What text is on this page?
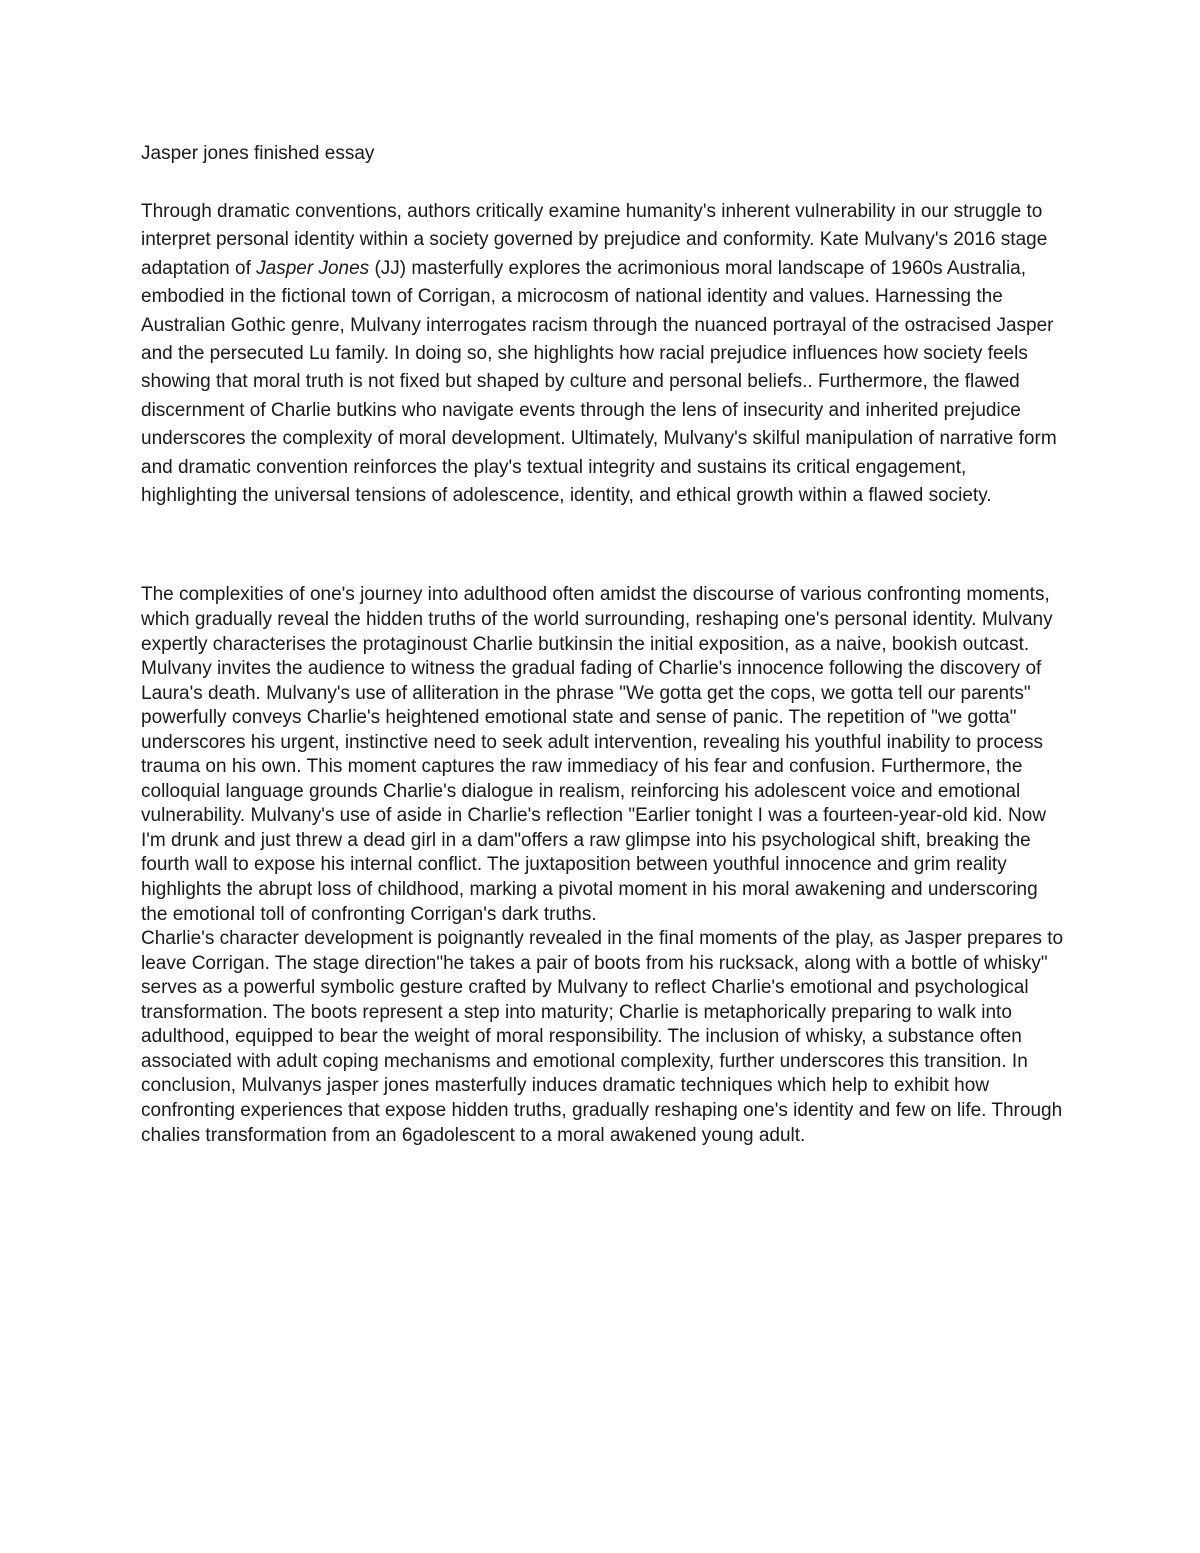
Jasper jones finished essay

Through dramatic conventions, authors critically examine humanity's inherent vulnerability in our struggle to interpret personal identity within a society governed by prejudice and conformity. Kate Mulvany's 2016 stage adaptation of Jasper Jones (JJ) masterfully explores the acrimonious moral landscape of 1960s Australia, embodied in the fictional town of Corrigan, a microcosm of national identity and values. Harnessing the Australian Gothic genre, Mulvany interrogates racism through the nuanced portrayal of the ostracised Jasper and the persecuted Lu family. In doing so, she highlights how racial prejudice influences how society feels showing that moral truth is not fixed but shaped by culture and personal beliefs.. Furthermore, the flawed discernment of Charlie butkins who navigate events through the lens of insecurity and inherited prejudice underscores the complexity of moral development. Ultimately, Mulvany's skilful manipulation of narrative form and dramatic convention reinforces the play's textual integrity and sustains its critical engagement, highlighting the universal tensions of adolescence, identity, and ethical growth within a flawed society.

The complexities of one's journey into adulthood often amidst the discourse of various confronting moments, which gradually reveal the hidden truths of the world surrounding, reshaping one's personal identity. Mulvany expertly characterises the protaginoust Charlie butkinsin the initial exposition, as a naive, bookish outcast. Mulvany invites the audience to witness the gradual fading of Charlie's innocence following the discovery of Laura's death. Mulvany's use of alliteration in the phrase "We gotta get the cops, we gotta tell our parents" powerfully conveys Charlie's heightened emotional state and sense of panic. The repetition of "we gotta" underscores his urgent, instinctive need to seek adult intervention, revealing his youthful inability to process trauma on his own. This moment captures the raw immediacy of his fear and confusion. Furthermore, the colloquial language grounds Charlie's dialogue in realism, reinforcing his adolescent voice and emotional vulnerability. Mulvany's use of aside in Charlie's reflection "Earlier tonight I was a fourteen-year-old kid. Now I'm drunk and just threw a dead girl in a dam"offers a raw glimpse into his psychological shift, breaking the fourth wall to expose his internal conflict. The juxtaposition between youthful innocence and grim reality highlights the abrupt loss of childhood, marking a pivotal moment in his moral awakening and underscoring the emotional toll of confronting Corrigan's dark truths.

Charlie's character development is poignantly revealed in the final moments of the play, as Jasper prepares to leave Corrigan. The stage direction"he takes a pair of boots from his rucksack, along with a bottle of whisky" serves as a powerful symbolic gesture crafted by Mulvany to reflect Charlie's emotional and psychological transformation. The boots represent a step into maturity; Charlie is metaphorically preparing to walk into adulthood, equipped to bear the weight of moral responsibility. The inclusion of whisky, a substance often associated with adult coping mechanisms and emotional complexity, further underscores this transition. In conclusion, Mulvanys jasper jones masterfully induces dramatic techniques which help to exhibit how confronting experiences that expose hidden truths, gradually reshaping one's identity and few on life. Through chalies transformation from an 6gadolescent to a moral awakened young adult.
